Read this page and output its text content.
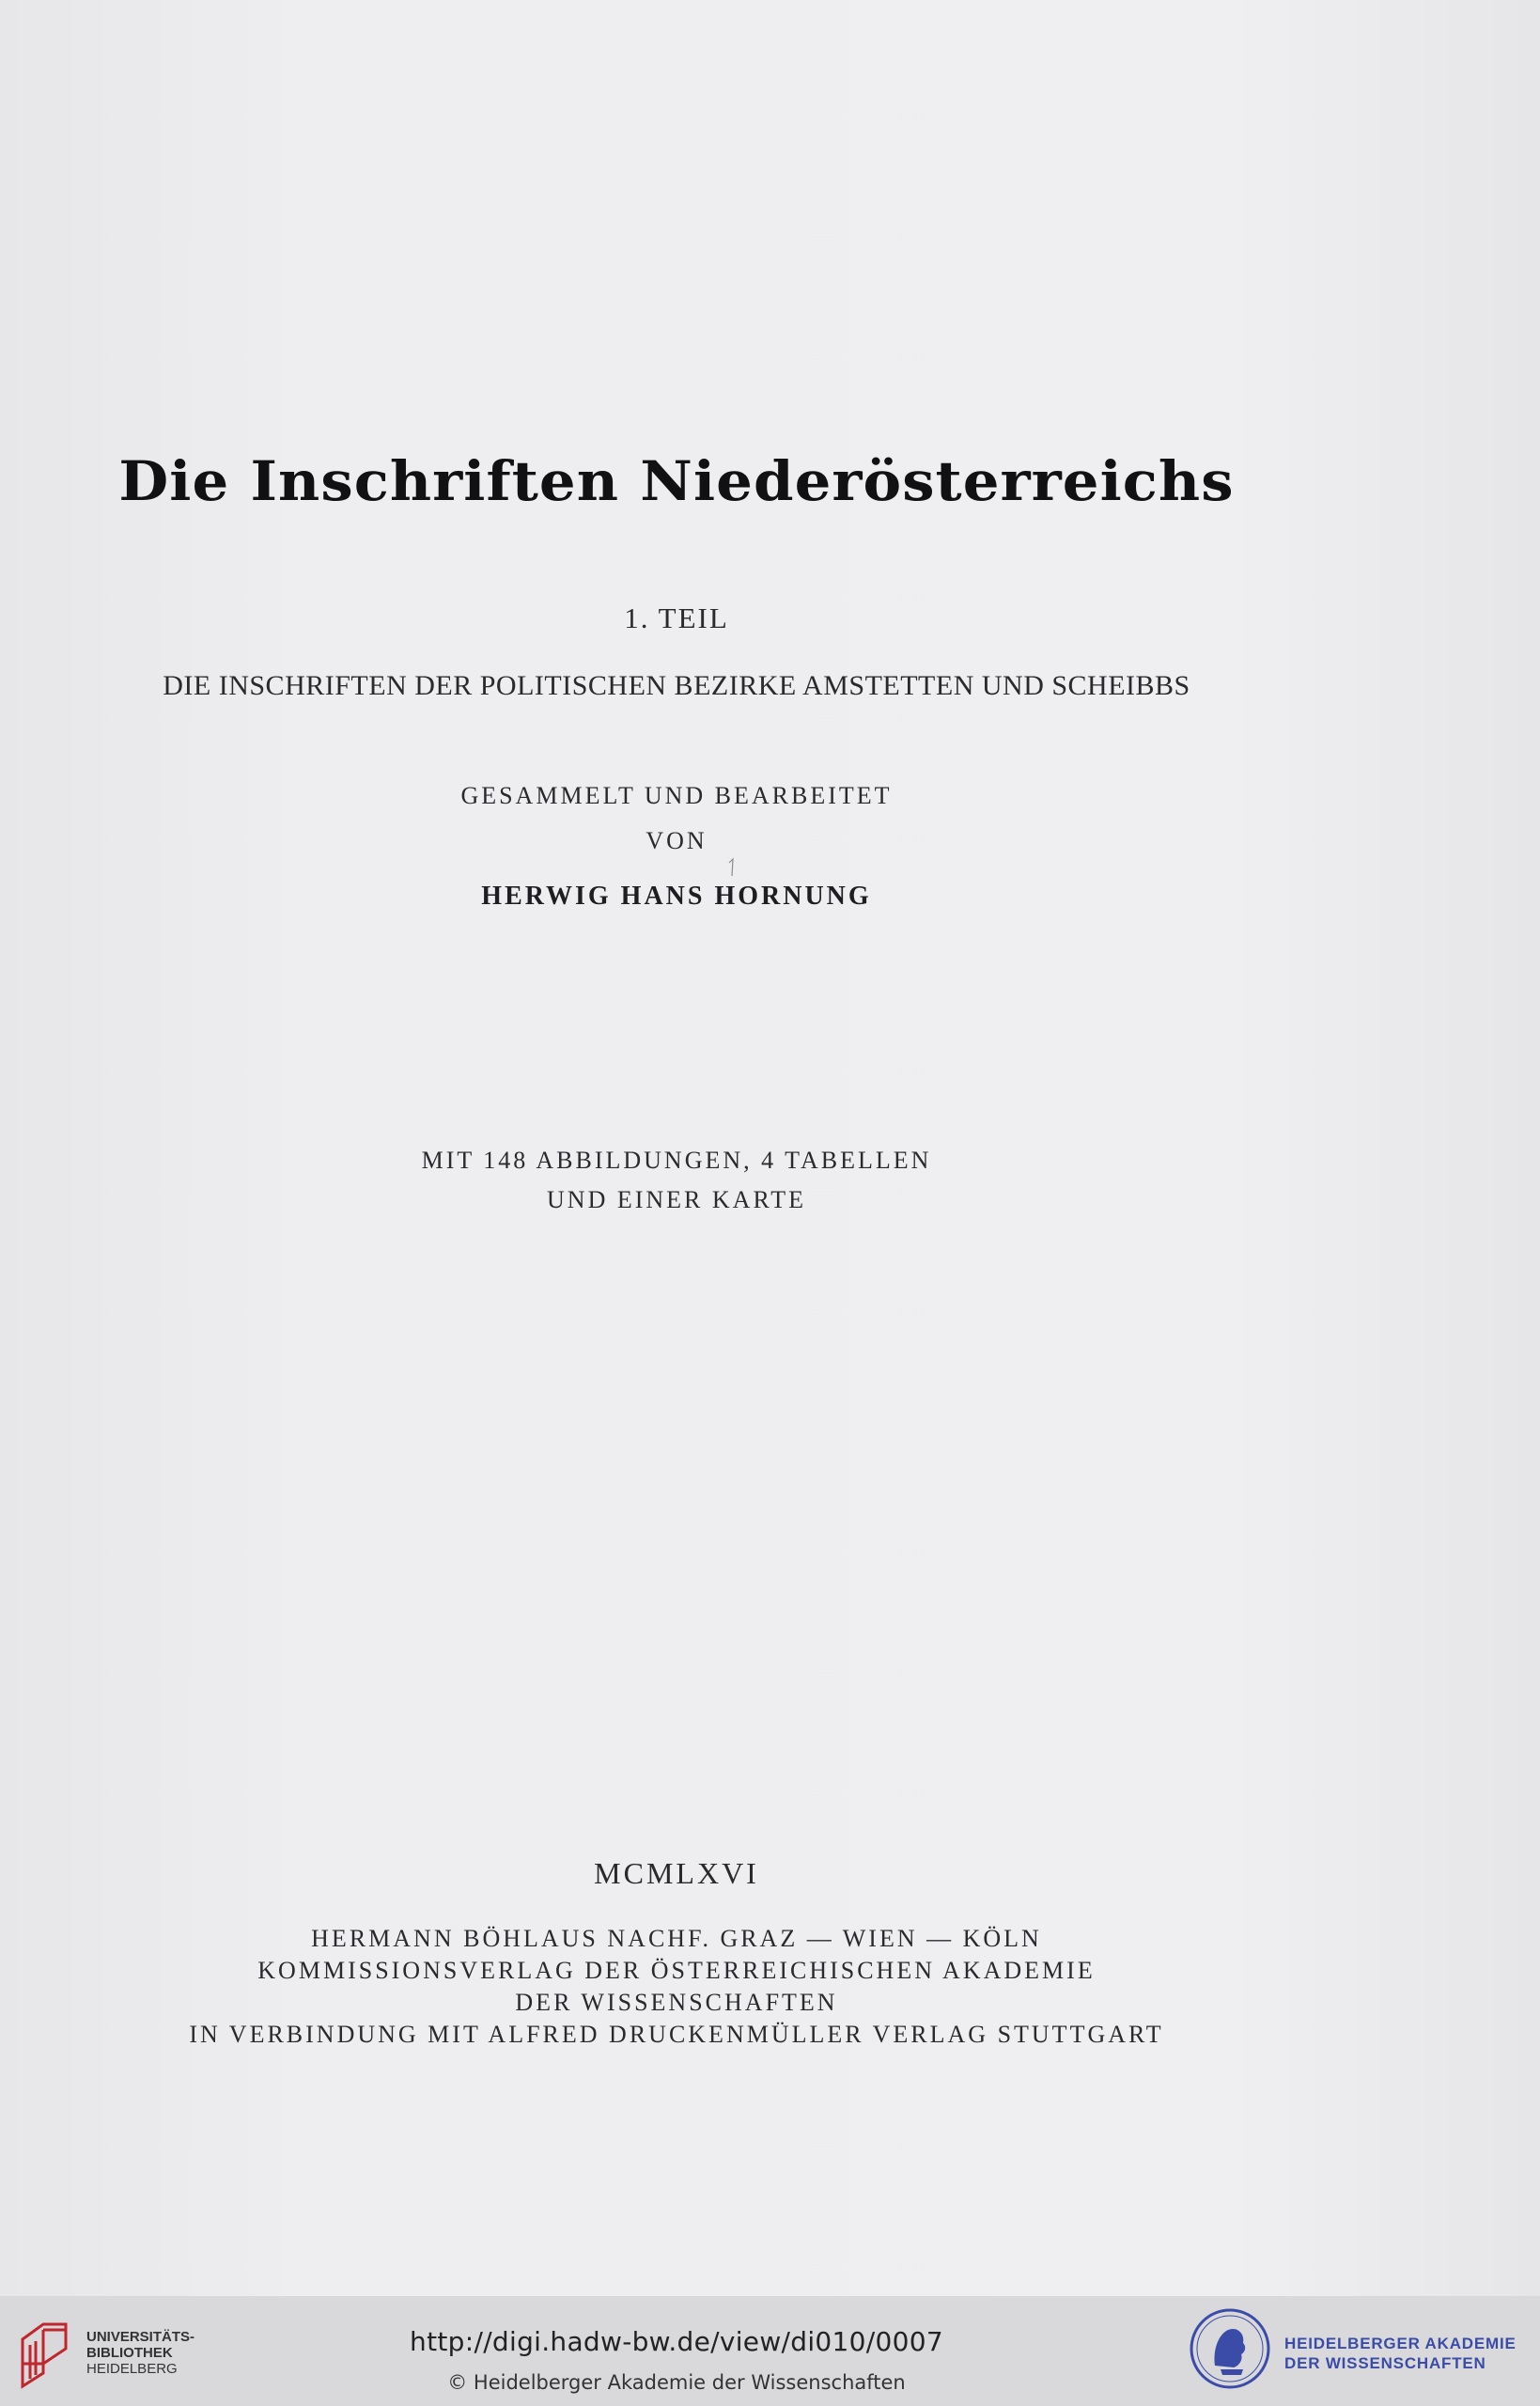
Die Inschriften Niederösterreichs
1. TEIL
DIE INSCHRIFTEN DER POLITISCHEN BEZIRKE AMSTETTEN UND SCHEIBBS
GESAMMELT UND BEARBEITET
VON
HERWIG HANS HORNUNG
MIT 148 ABBILDUNGEN, 4 TABELLEN
UND EINER KARTE
MCMLXVI
HERMANN BÖHLAUS NACHF. GRAZ — WIEN — KÖLN
KOMMISSIONSVERLAG DER ÖSTERREICHISCHEN AKADEMIE
DER WISSENSCHAFTEN
IN VERBINDUNG MIT ALFRED DRUCKENMÜLLER VERLAG STUTTGART
UNIVERSITÄTS-
BIBLIOTHEK
HEIDELBERG
http://digi.hadw-bw.de/view/di010/0007
© Heidelberger Akademie der Wissenschaften
HEIDELBERGER AKADEMIE
DER WISSENSCHAFTEN
